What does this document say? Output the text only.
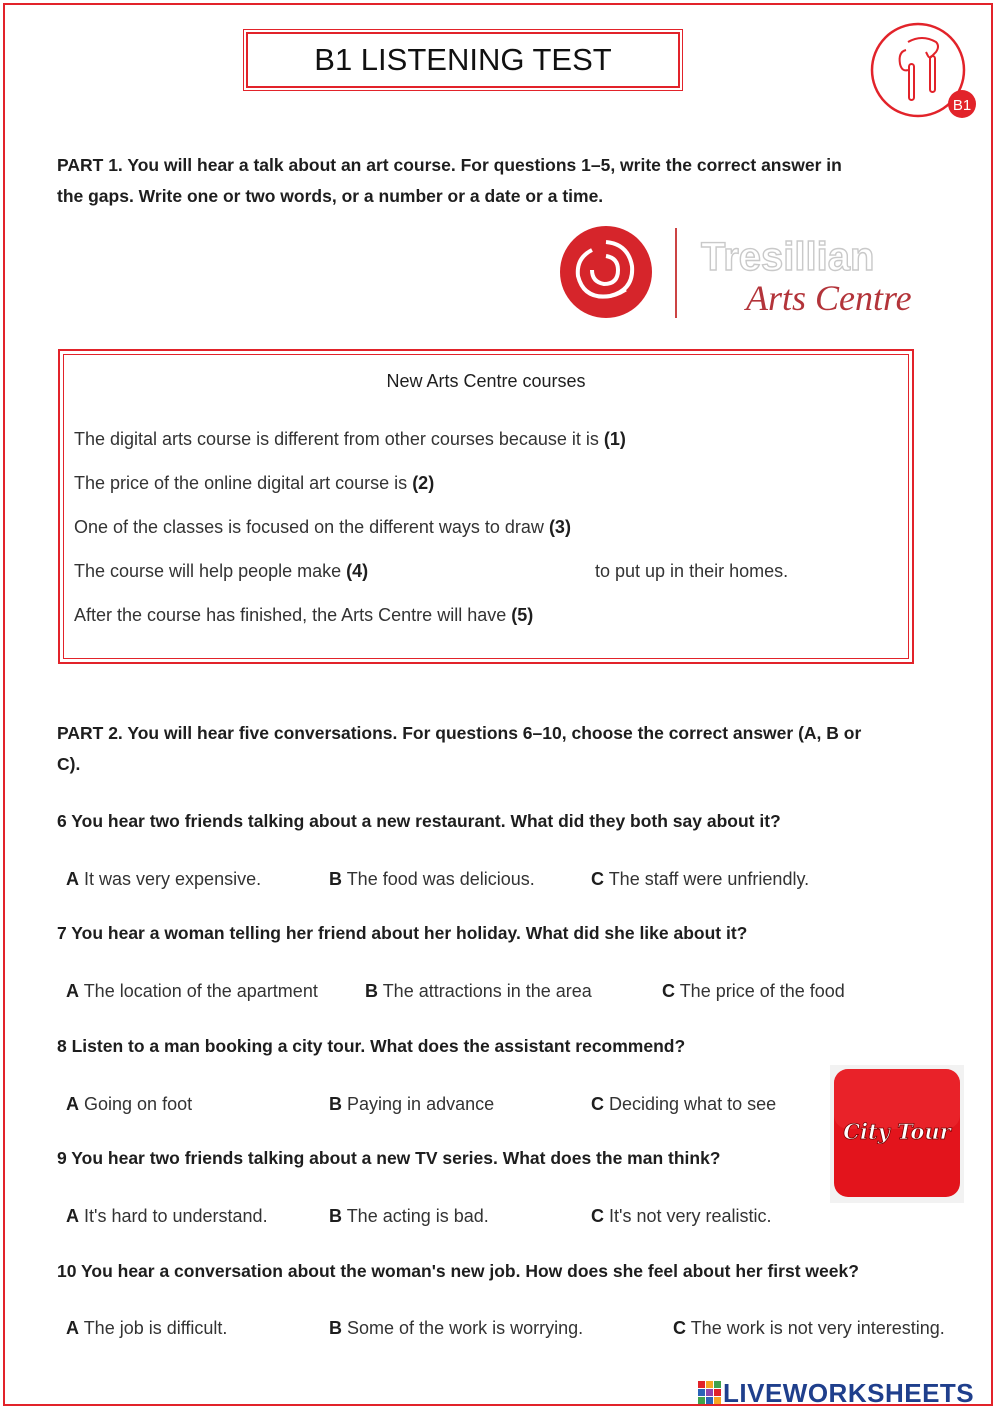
B1 LISTENING TEST
B1
PART 1. You will hear a talk about an art course. For questions 1–5, write the correct answer in
the gaps. Write one or two words, or a number or a date or a time.
Tresillian
Arts Centre
New Arts Centre courses
The digital arts course is different from other courses because it is (1)
The price of the online digital art course is (2)
One of the classes is focused on the different ways to draw (3)
The course will help people make (4)	to put up in their homes.
After the course has finished, the Arts Centre will have (5)
PART 2. You will hear five conversations. For questions 6–10, choose the correct answer (A, B or
C).
6 You hear two friends talking about a new restaurant. What did they both say about it?
A It was very expensive.	B The food was delicious.	C The staff were unfriendly.
7 You hear a woman telling her friend about her holiday. What did she like about it?
A The location of the apartment	B The attractions in the area	C The price of the food
8 Listen to a man booking a city tour. What does the assistant recommend?
A Going on foot	B Paying in advance	C Deciding what to see
City Tour
9 You hear two friends talking about a new TV series. What does the man think?
A It's hard to understand.	B The acting is bad.	C It's not very realistic.
10 You hear a conversation about the woman's new job. How does she feel about her first week?
A The job is difficult.	B Some of the work is worrying.	C The work is not very interesting.
LIVEWORKSHEETS
